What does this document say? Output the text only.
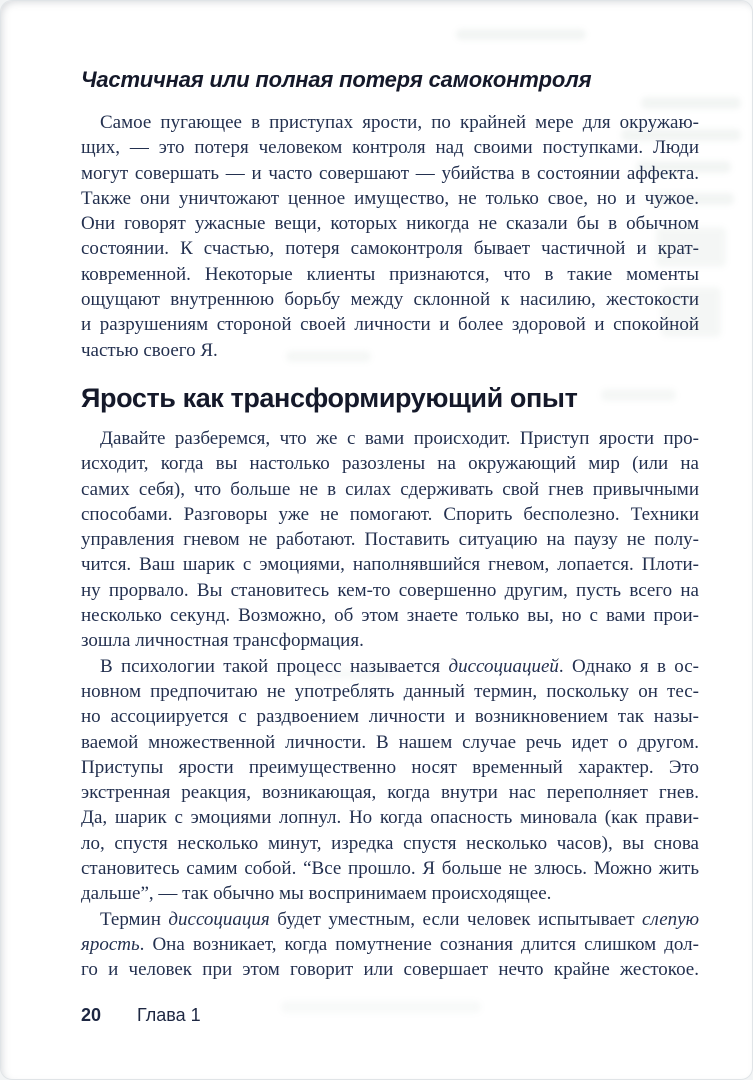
Частичная или полная потеря самоконтроля
Самое пугающее в приступах ярости, по крайней мере для окружаю-
щих, — это потеря человеком контроля над своими поступками. Люди
могут совершать — и часто совершают — убийства в состоянии аффекта.
Также они уничтожают ценное имущество, не только свое, но и чужое.
Они говорят ужасные вещи, которых никогда не сказали бы в обычном
состоянии. К счастью, потеря самоконтроля бывает частичной и крат-
ковременной. Некоторые клиенты признаются, что в такие моменты
ощущают внутреннюю борьбу между склонной к насилию, жестокости
и разрушениям стороной своей личности и более здоровой и спокойной
частью своего Я.
Ярость как трансформирующий опыт
Давайте разберемся, что же с вами происходит. Приступ ярости про-
исходит, когда вы настолько разозлены на окружающий мир (или на
самих себя), что больше не в силах сдерживать свой гнев привычными
способами. Разговоры уже не помогают. Спорить бесполезно. Техники
управления гневом не работают. Поставить ситуацию на паузу не полу-
чится. Ваш шарик с эмоциями, наполнявшийся гневом, лопается. Плоти-
ну прорвало. Вы становитесь кем-то совершенно другим, пусть всего на
несколько секунд. Возможно, об этом знаете только вы, но с вами прои-
зошла личностная трансформация.
В психологии такой процесс называется диссоциацией. Однако я в ос-
новном предпочитаю не употреблять данный термин, поскольку он тес-
но ассоциируется с раздвоением личности и возникновением так назы-
ваемой множественной личности. В нашем случае речь идет о другом.
Приступы ярости преимущественно носят временный характер. Это
экстренная реакция, возникающая, когда внутри нас переполняет гнев.
Да, шарик с эмоциями лопнул. Но когда опасность миновала (как прави-
ло, спустя несколько минут, изредка спустя несколько часов), вы снова
становитесь самим собой. “Все прошло. Я больше не злюсь. Можно жить
дальше”, — так обычно мы воспринимаем происходящее.
Термин диссоциация будет уместным, если человек испытывает слепую
ярость. Она возникает, когда помутнение сознания длится слишком дол-
го и человек при этом говорит или совершает нечто крайне жестокое.
20 Глава 1
